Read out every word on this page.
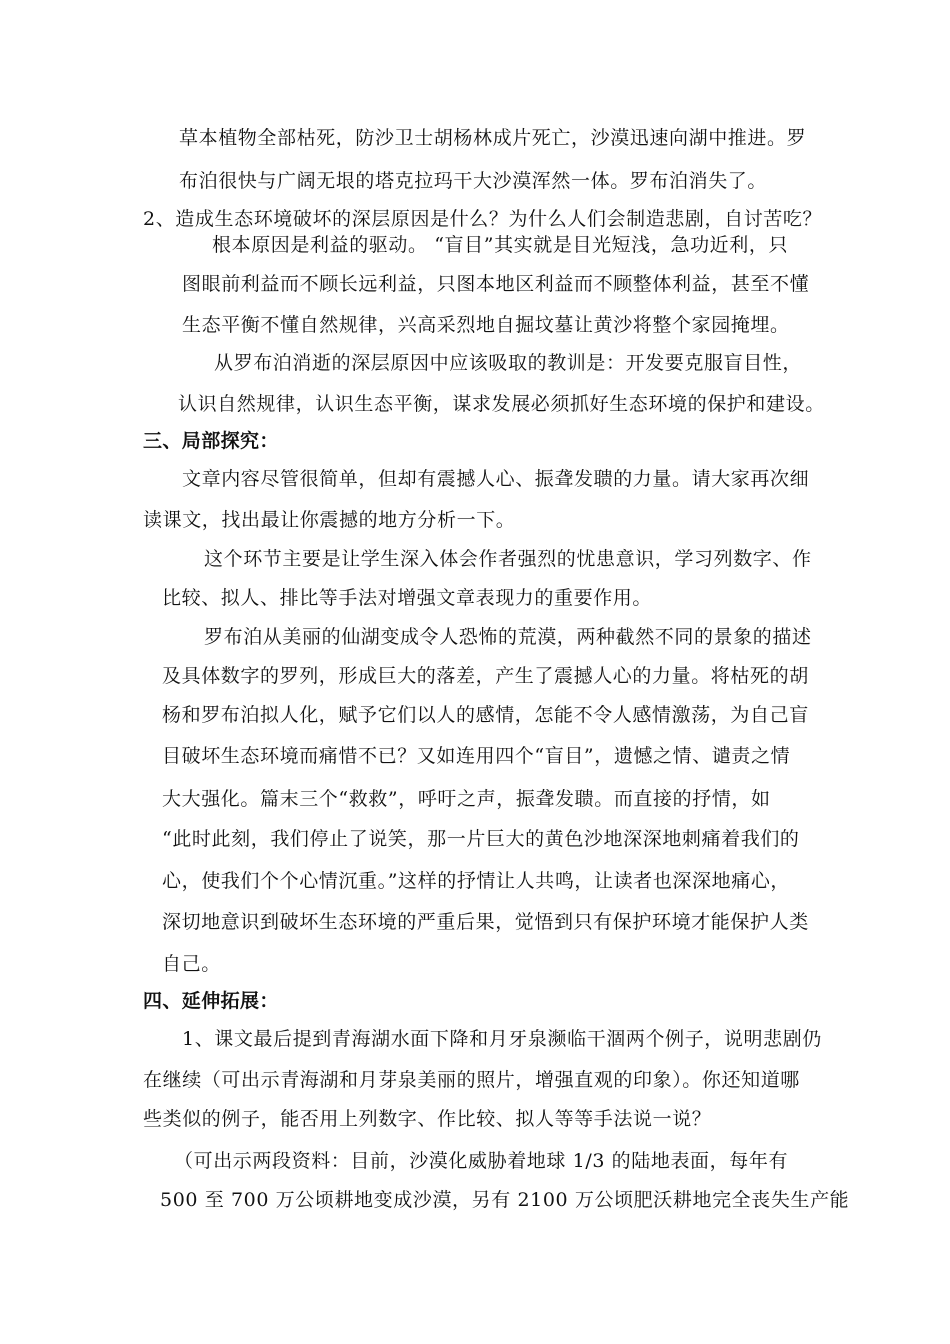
草本植物全部枯死，防沙卫士胡杨林成片死亡，沙漠迅速向湖中推进。罗
布泊很快与广阔无垠的塔克拉玛干大沙漠浑然一体。罗布泊消失了。
2、造成生态环境破坏的深层原因是什么？为什么人们会制造悲剧，自讨苦吃？
根本原因是利益的驱动。 “盲目”其实就是目光短浅，急功近利，只
图眼前利益而不顾长远利益，只图本地区利益而不顾整体利益，甚至不懂
生态平衡不懂自然规律，兴高采烈地自掘坟墓让黄沙将整个家园掩埋。
从罗布泊消逝的深层原因中应该吸取的教训是：开发要克服盲目性，
认识自然规律，认识生态平衡，谋求发展必须抓好生态环境的保护和建设。
三、局部探究：
文章内容尽管很简单，但却有震撼人心、振聋发聩的力量。请大家再次细
读课文，找出最让你震撼的地方分析一下。
这个环节主要是让学生深入体会作者强烈的忧患意识，学习列数字、作
比较、拟人、排比等手法对增强文章表现力的重要作用。
罗布泊从美丽的仙湖变成令人恐怖的荒漠，两种截然不同的景象的描述
及具体数字的罗列，形成巨大的落差，产生了震撼人心的力量。将枯死的胡
杨和罗布泊拟人化，赋予它们以人的感情，怎能不令人感情激荡，为自己盲
目破坏生态环境而痛惜不已？又如连用四个“盲目”，遗憾之情、谴责之情
大大强化。篇末三个“救救”，呼吁之声，振聋发聩。而直接的抒情，如
“此时此刻，我们停止了说笑，那一片巨大的黄色沙地深深地刺痛着我们的
心，使我们个个心情沉重。”这样的抒情让人共鸣，让读者也深深地痛心，
深切地意识到破坏生态环境的严重后果，觉悟到只有保护环境才能保护人类
自己。
四、延伸拓展：
1、课文最后提到青海湖水面下降和月牙泉濒临干涸两个例子，说明悲剧仍
在继续（可出示青海湖和月芽泉美丽的照片，增强直观的印象）。你还知道哪
些类似的例子，能否用上列数字、作比较、拟人等等手法说一说？
（可出示两段资料：目前，沙漠化威胁着地球 1/3 的陆地表面，每年有
500 至 700 万公顷耕地变成沙漠，另有 2100 万公顷肥沃耕地完全丧失生产能
